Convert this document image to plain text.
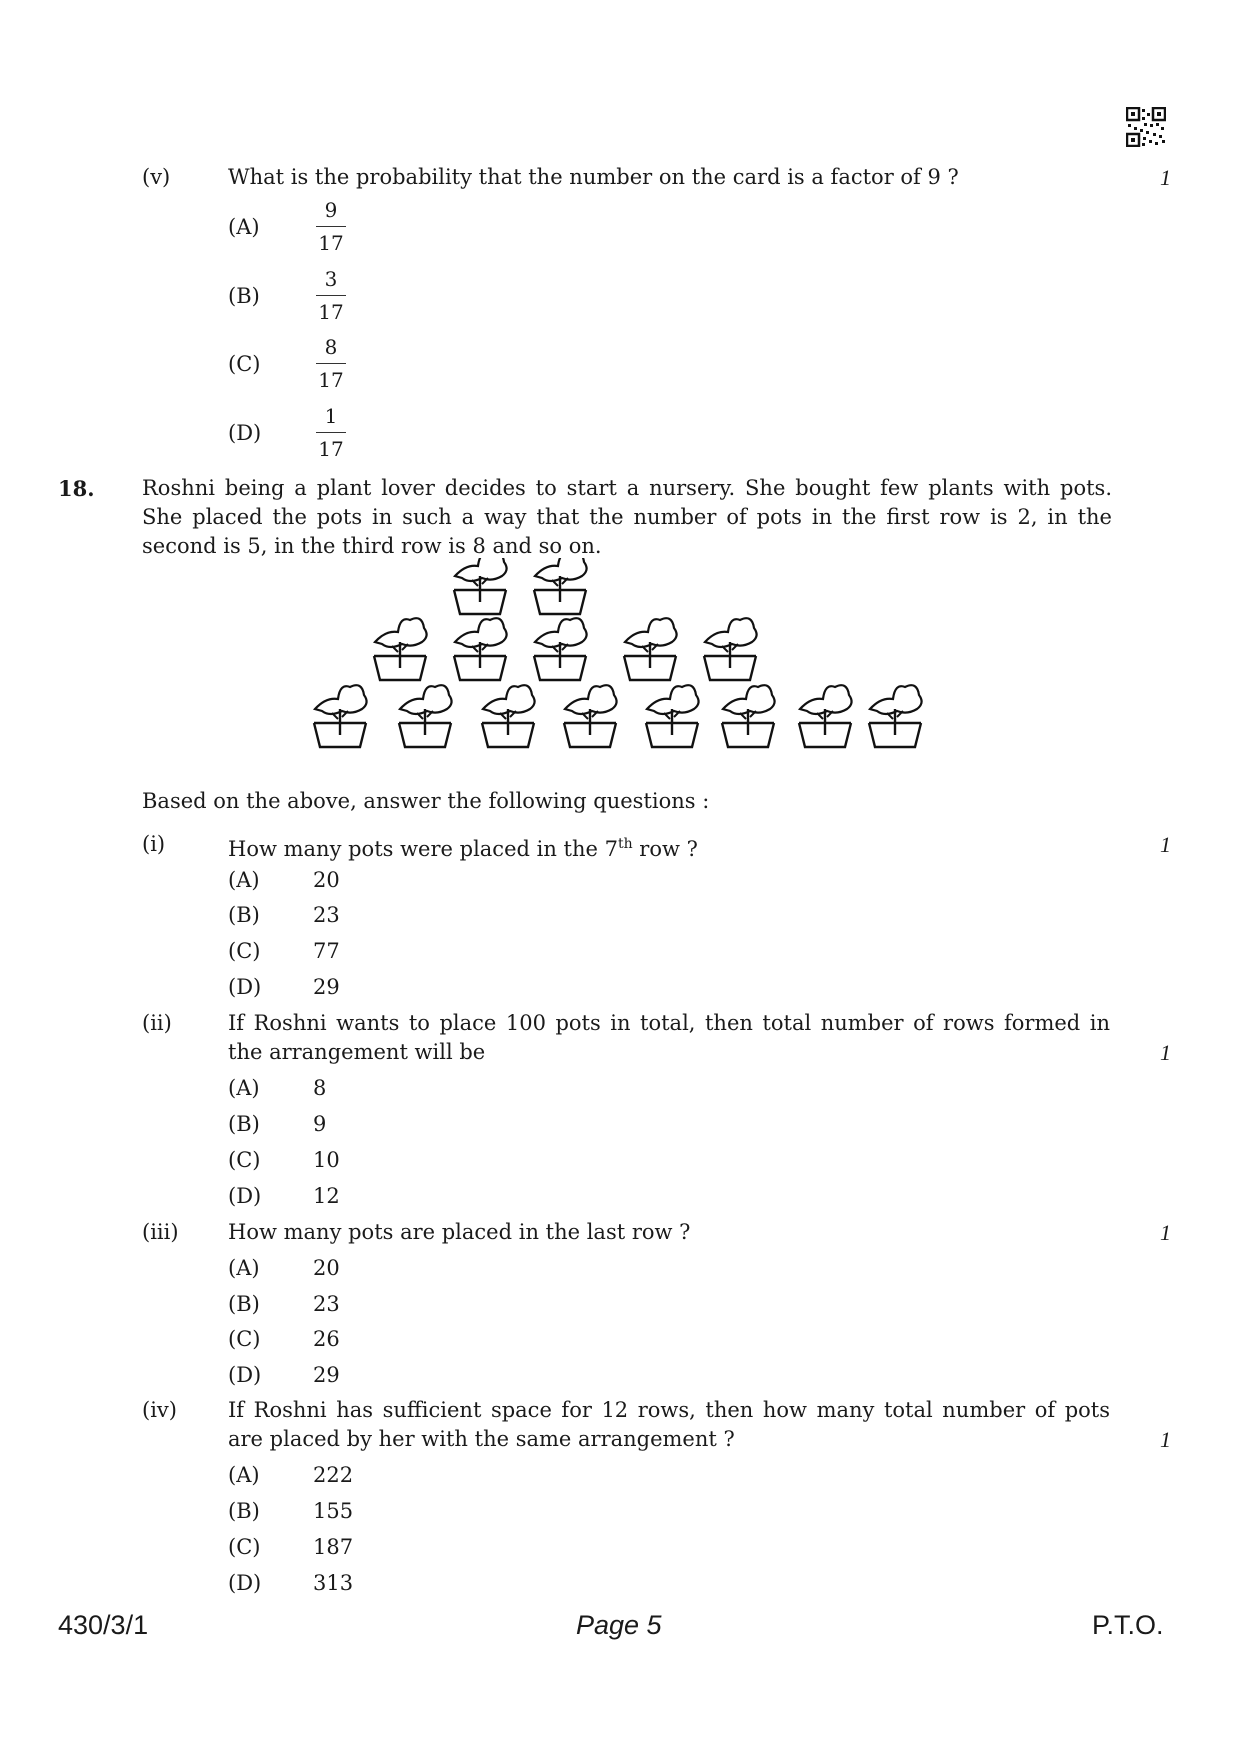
(v)	What is the probability that the number on the card is a factor of 9 ?	1
(A)	$\frac{9}{17}$
(B)	$\frac{3}{17}$
(C)	$\frac{8}{17}$
(D)	$\frac{1}{17}$
18. Roshni being a plant lover decides to start a nursery. She bought few plants with pots.
She placed the pots in such a way that the number of pots in the first row is 2, in the
second is 5, in the third row is 8 and so on.
Based on the above, answer the following questions :
(i)	How many pots were placed in the 7th row ?	1
(A)	20
(B)	23
(C)	77
(D) 29
(ii)	If Roshni wants to place 100 pots in total, then total number of rows formed in
the arrangement will be	1
(A)	8
(B)	9
(C)	10
(D) 12
(iii) How many pots are placed in the last row ?	1
(A)	20
(B)	23
(C)	26
(D) 29
(iv) If Roshni has sufficient space for 12 rows, then how many total number of pots
are placed by her with the same arrangement ?	1
(A)	222
(B)	155
(C)	187
(D) 313
430/3/1	Page 5	P.T.O.
